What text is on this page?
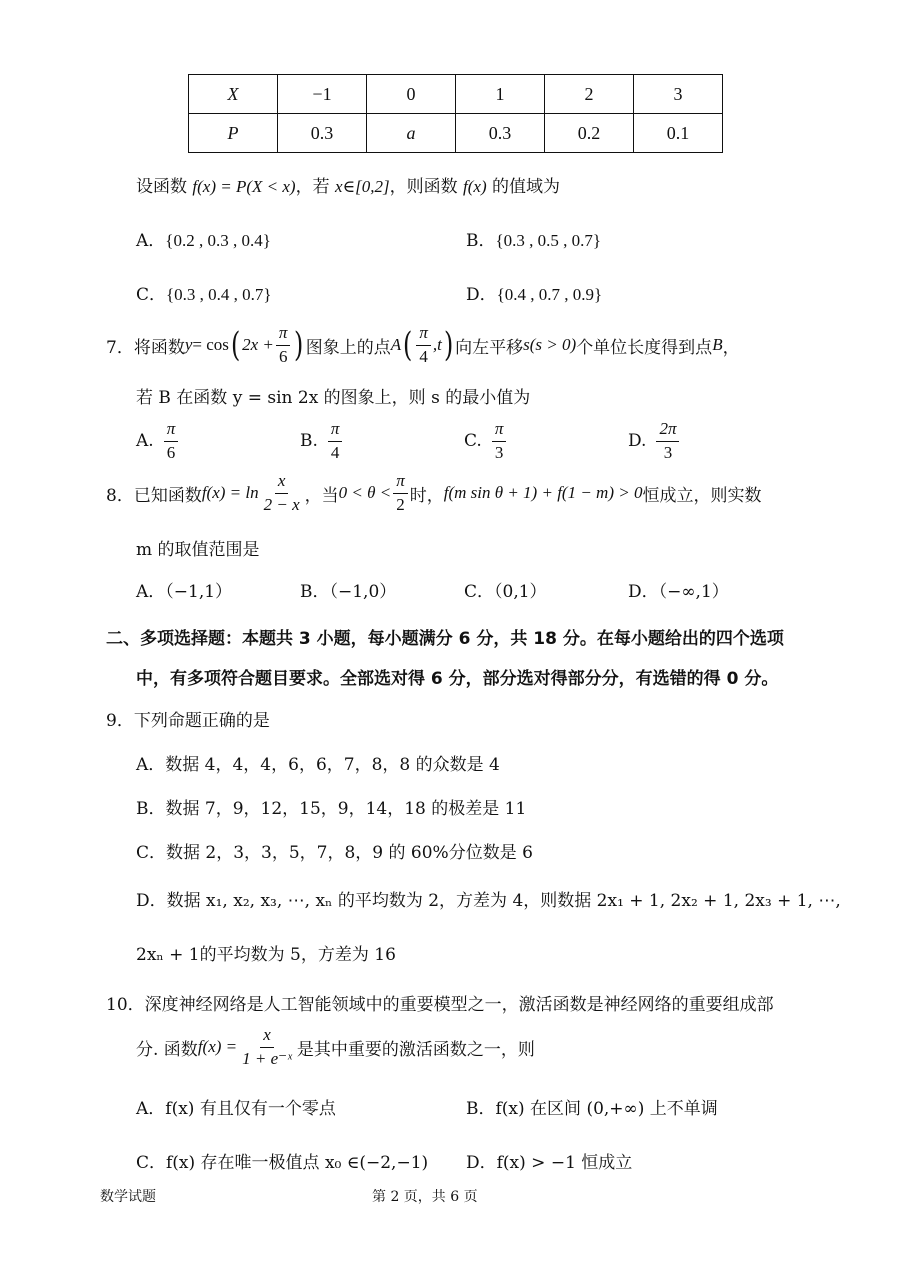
X	−1	0	1	2	3
P	0.3	a	0.3	0.2	0.1
设函数 f(x) = P(X < x)，若 x∈[0,2]，则函数 f(x) 的值域为
A．{0.2 , 0.3 , 0.4}	B．{0.3 , 0.5 , 0.7}
C．{0.3 , 0.4 , 0.7}	D．{0.4 , 0.7 , 0.9}
7． 将函数 y = cos ( $2x + \frac{\pi}{6}$ ) 图象上的点 A ( $\frac{\pi}{4} ,t$ ) 向左平移 s(s > 0) 个单位长度得到点 B ，
若 B 在函数 y = sin 2x 的图象上，则 s 的最小值为
A. $\frac{\pi}{6}$	B. $\frac{\pi}{4}$	C. $\frac{\pi}{3}$	D. $\frac{2\pi}{3}$
8． 已知函数 $f(x) = \ln \frac{x}{2 - x}$ ，当 $0 < \theta < \frac{\pi}{2}$ 时， f(m sin θ + 1) + f(1 − m) > 0 恒成立，则实数
m 的取值范围是
A．（−1,1）	B．（−1,0）	C．（0,1）	D．（−∞,1）
二、多项选择题：本题共 3 小题，每小题满分 6 分，共 18 分。在每小题给出的四个选项
中，有多项符合题目要求。全部选对得 6 分，部分选对得部分分，有选错的得 0 分。
9．下列命题正确的是
A．数据 4，4，4，6，6，7，8，8 的众数是 4
B．数据 7，9，12，15，9，14，18 的极差是 11
C．数据 2，3，3，5，7，8，9 的 60%分位数是 6
D．数据 x₁, x₂, x₃, ⋯, xₙ 的平均数为 2，方差为 4，则数据 2x₁ + 1, 2x₂ + 1, 2x₃ + 1, ⋯,
2xₙ + 1的平均数为 5，方差为 16
10．深度神经网络是人工智能领域中的重要模型之一，激活函数是神经网络的重要组成部
分. 函数 $f(x) = \frac{x}{\text{1 + e⁻ˣ}}$ 是其中重要的激活函数之一，则
A．f(x) 有且仅有一个零点	B．f(x) 在区间 (0,+∞) 上不单调
C．f(x) 存在唯一极值点 x₀ ∈(−2,−1) D．f(x) > −1 恒成立
数学试题	第 2 页，共 6 页
